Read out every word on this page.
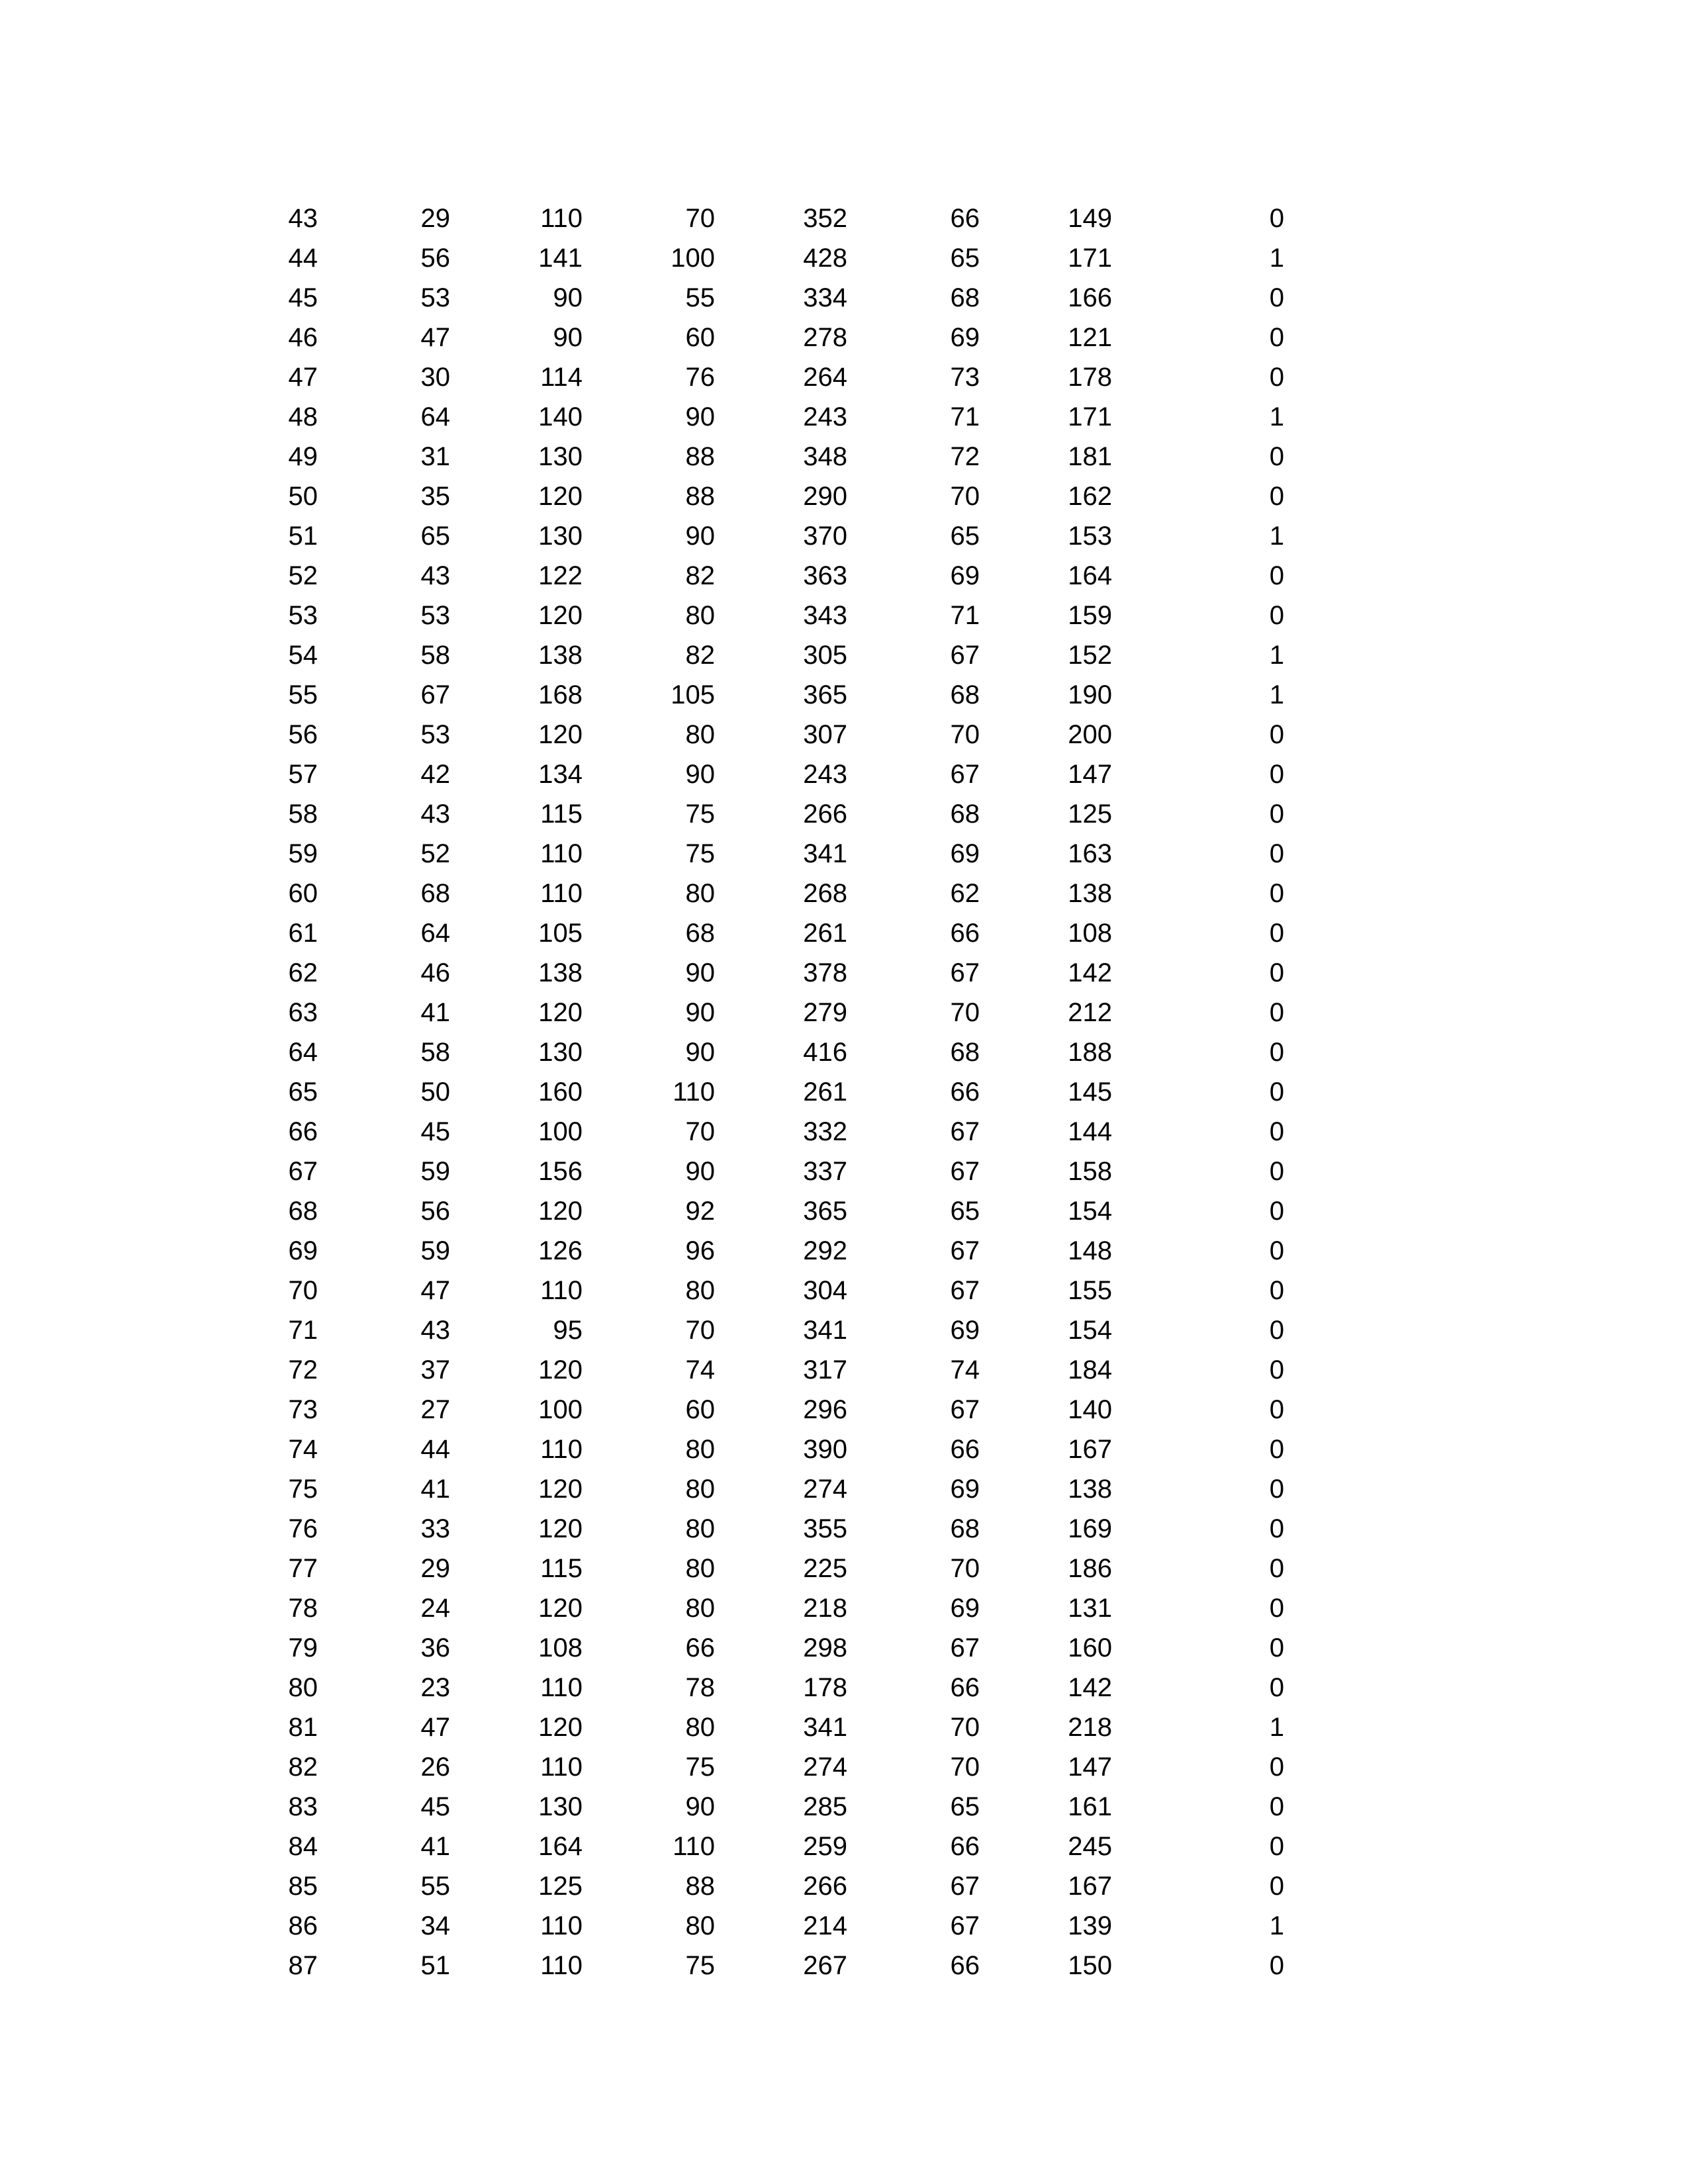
43	29	110	70	352	66	149	0
44	56	141	100	428	65	171	1
45	53	90	55	334	68	166	0
46	47	90	60	278	69	121	0
47	30	114	76	264	73	178	0
48	64	140	90	243	71	171	1
49	31	130	88	348	72	181	0
50	35	120	88	290	70	162	0
51	65	130	90	370	65	153	1
52	43	122	82	363	69	164	0
53	53	120	80	343	71	159	0
54	58	138	82	305	67	152	1
55	67	168	105	365	68	190	1
56	53	120	80	307	70	200	0
57	42	134	90	243	67	147	0
58	43	115	75	266	68	125	0
59	52	110	75	341	69	163	0
60	68	110	80	268	62	138	0
61	64	105	68	261	66	108	0
62	46	138	90	378	67	142	0
63	41	120	90	279	70	212	0
64	58	130	90	416	68	188	0
65	50	160	110	261	66	145	0
66	45	100	70	332	67	144	0
67	59	156	90	337	67	158	0
68	56	120	92	365	65	154	0
69	59	126	96	292	67	148	0
70	47	110	80	304	67	155	0
71	43	95	70	341	69	154	0
72	37	120	74	317	74	184	0
73	27	100	60	296	67	140	0
74	44	110	80	390	66	167	0
75	41	120	80	274	69	138	0
76	33	120	80	355	68	169	0
77	29	115	80	225	70	186	0
78	24	120	80	218	69	131	0
79	36	108	66	298	67	160	0
80	23	110	78	178	66	142	0
81	47	120	80	341	70	218	1
82	26	110	75	274	70	147	0
83	45	130	90	285	65	161	0
84	41	164	110	259	66	245	0
85	55	125	88	266	67	167	0
86	34	110	80	214	67	139	1
87	51	110	75	267	66	150	0
